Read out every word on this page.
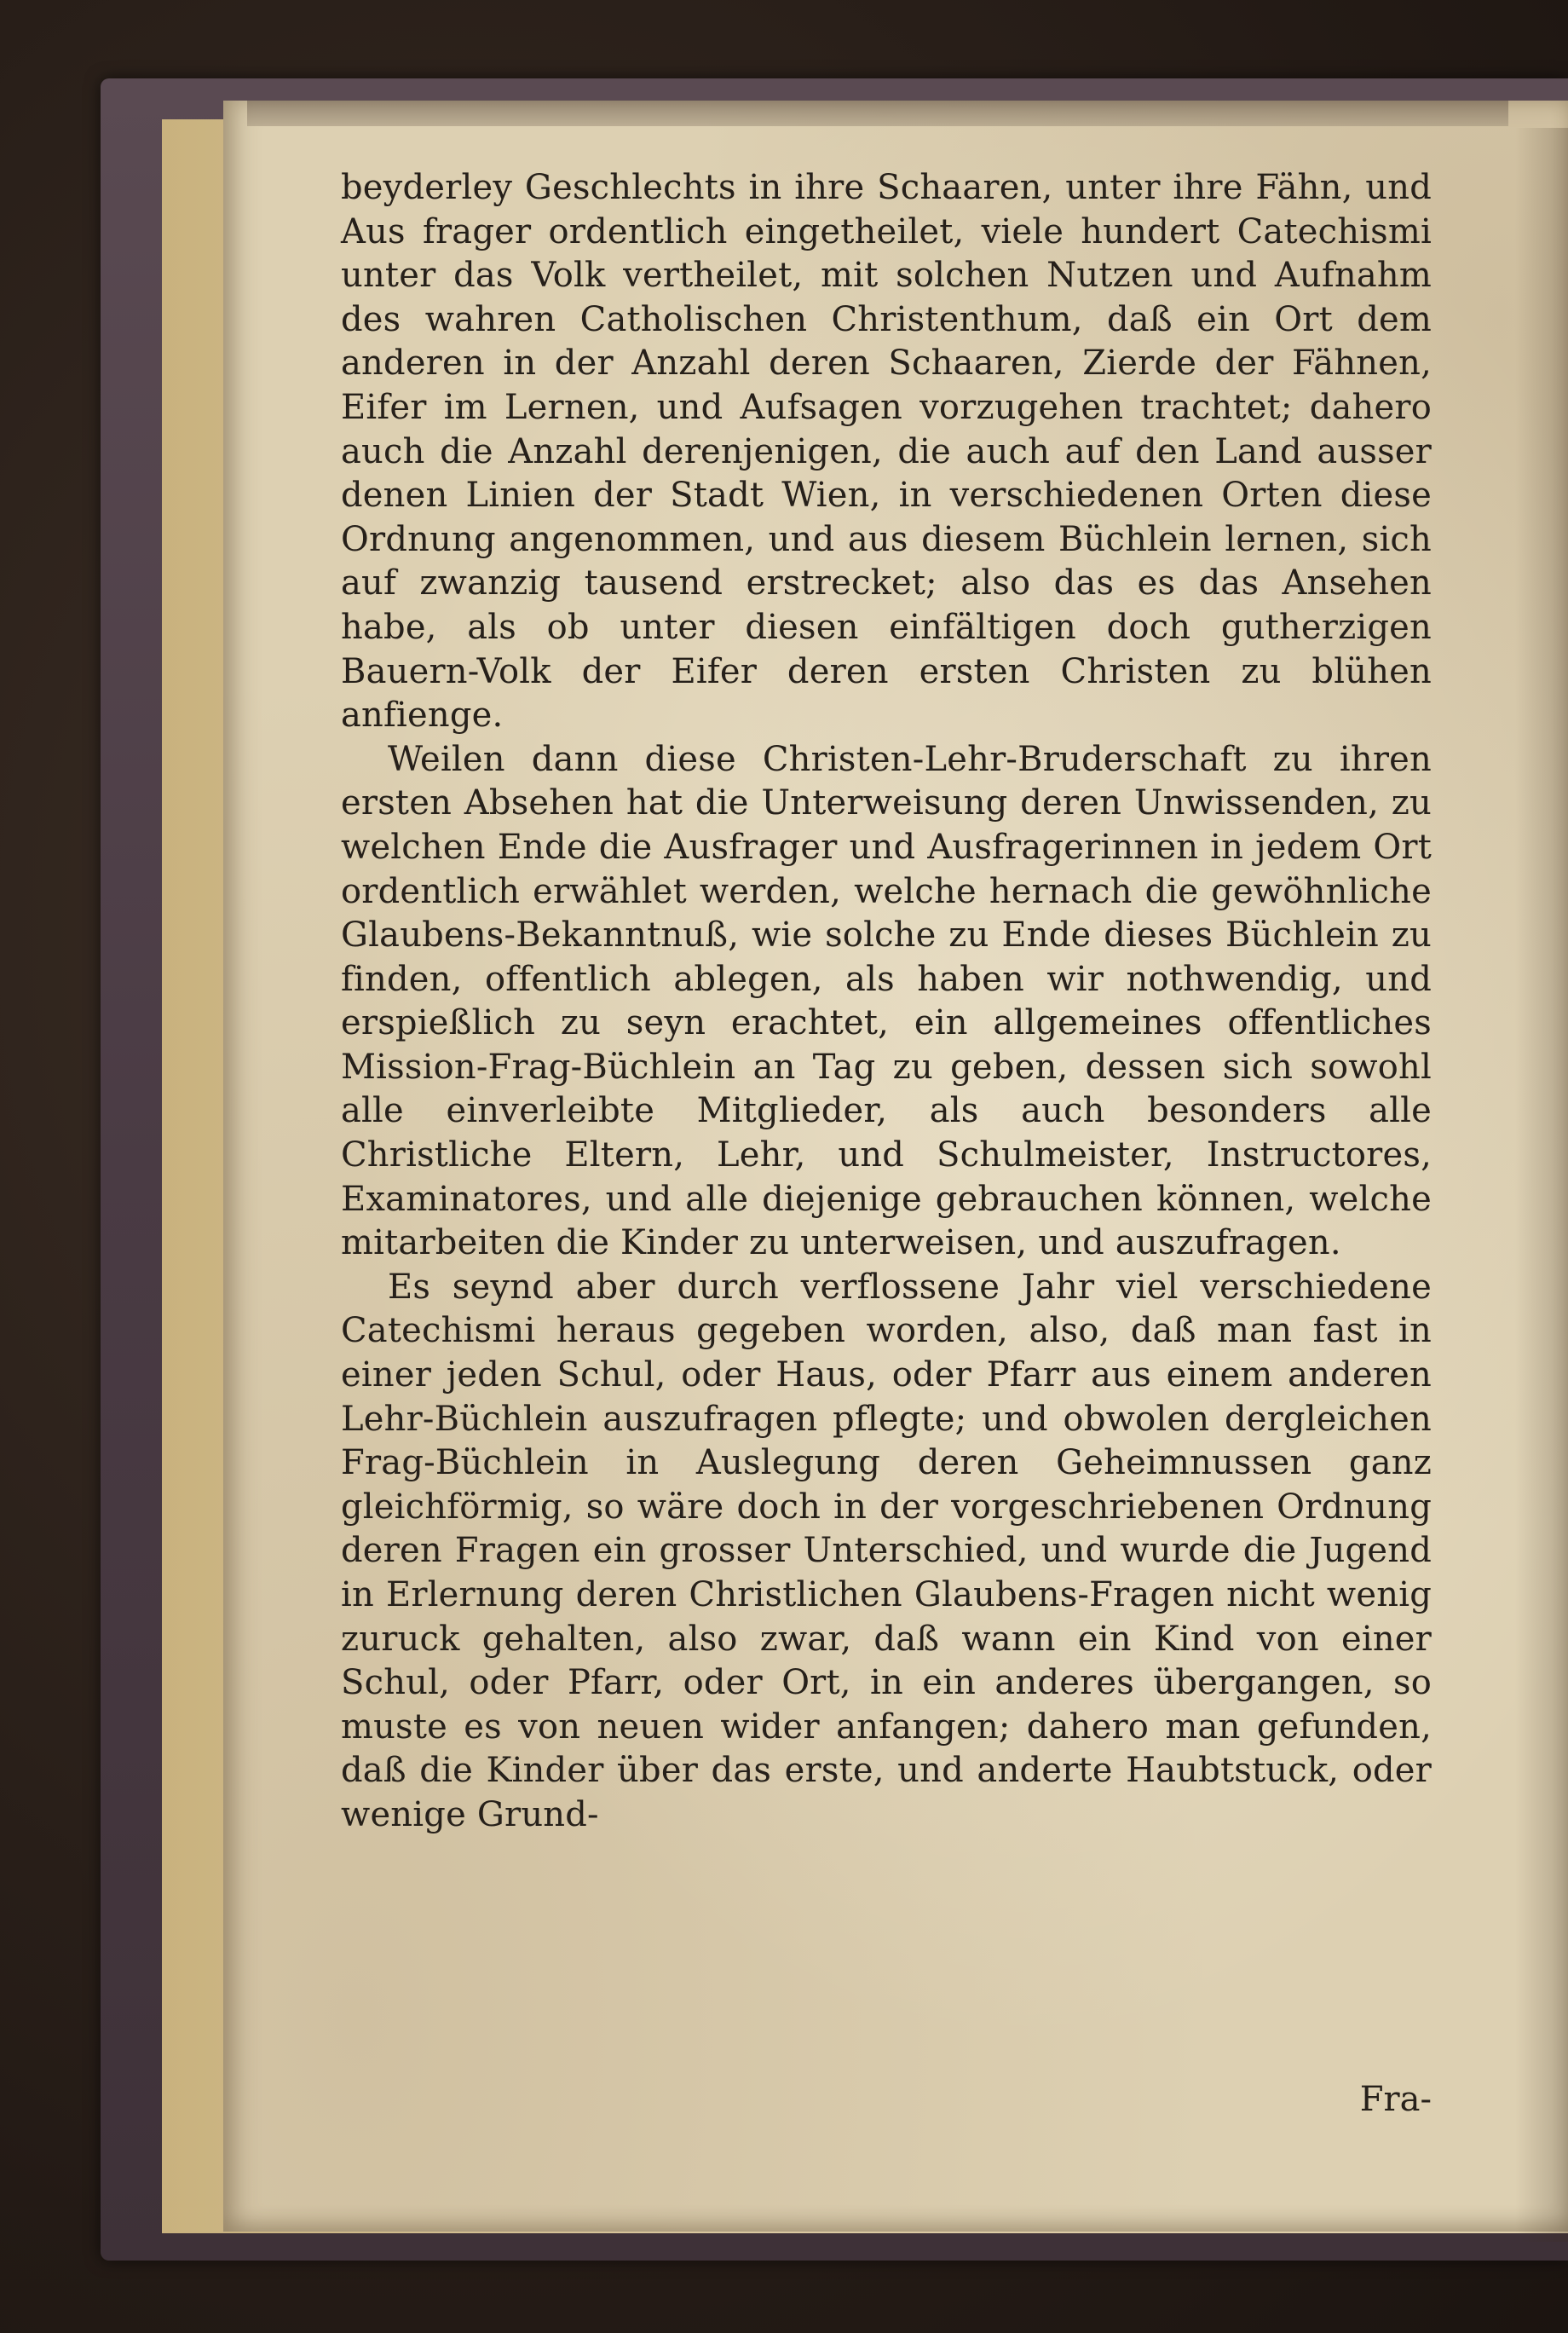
beyderley Geschlechts in ihre Schaaren, unter ihre Fähn, und Aus frager ordentlich eingetheilet, viele hundert Catechismi unter das Volk vertheilet, mit solchen Nutzen und Aufnahm des wahren Catholischen Christenthum, daß ein Ort dem anderen in der Anzahl deren Schaaren, Zierde der Fähnen, Eifer im Lernen, und Aufsagen vorzugehen trachtet; dahero auch die Anzahl derenjenigen, die auch auf den Land ausser denen Linien der Stadt Wien, in verschiedenen Orten diese Ordnung angenommen, und aus diesem Büchlein lernen, sich auf zwanzig tausend erstrecket; also das es das Ansehen habe, als ob unter diesen einfältigen doch gutherzigen Bauern-Volk der Eifer deren ersten Christen zu blühen anfienge.

Weilen dann diese Christen-Lehr-Bruderschaft zu ihren ersten Absehen hat die Unterweisung deren Unwissenden, zu welchen Ende die Ausfrager und Ausfragerinnen in jedem Ort ordentlich erwählet werden, welche hernach die gewöhnliche Glaubens-Bekanntnuß, wie solche zu Ende dieses Büchlein zu finden, offentlich ablegen, als haben wir nothwendig, und erspießlich zu seyn erachtet, ein allgemeines offentliches Mission-Frag-Büchlein an Tag zu geben, dessen sich sowohl alle einverleibte Mitglieder, als auch besonders alle Christliche Eltern, Lehr, und Schulmeister, Instructores, Examinatores, und alle diejenige gebrauchen können, welche mitarbeiten die Kinder zu unterweisen, und auszufragen.

Es seynd aber durch verflossene Jahr viel verschiedene Catechismi heraus gegeben worden, also, daß man fast in einer jeden Schul, oder Haus, oder Pfarr aus einem anderen Lehr-Büchlein auszufragen pflegte; und obwolen dergleichen Frag-Büchlein in Auslegung deren Geheimnussen ganz gleichförmig, so wäre doch in der vorgeschriebenen Ordnung deren Fragen ein grosser Unterschied, und wurde die Jugend in Erlernung deren Christlichen Glaubens-Fragen nicht wenig zuruck gehalten, also zwar, daß wann ein Kind von einer Schul, oder Pfarr, oder Ort, in ein anderes übergangen, so muste es von neuen wider anfangen; dahero man gefunden, daß die Kinder über das erste, und anderte Haubtstuck, oder wenige Grund-

Fra-
